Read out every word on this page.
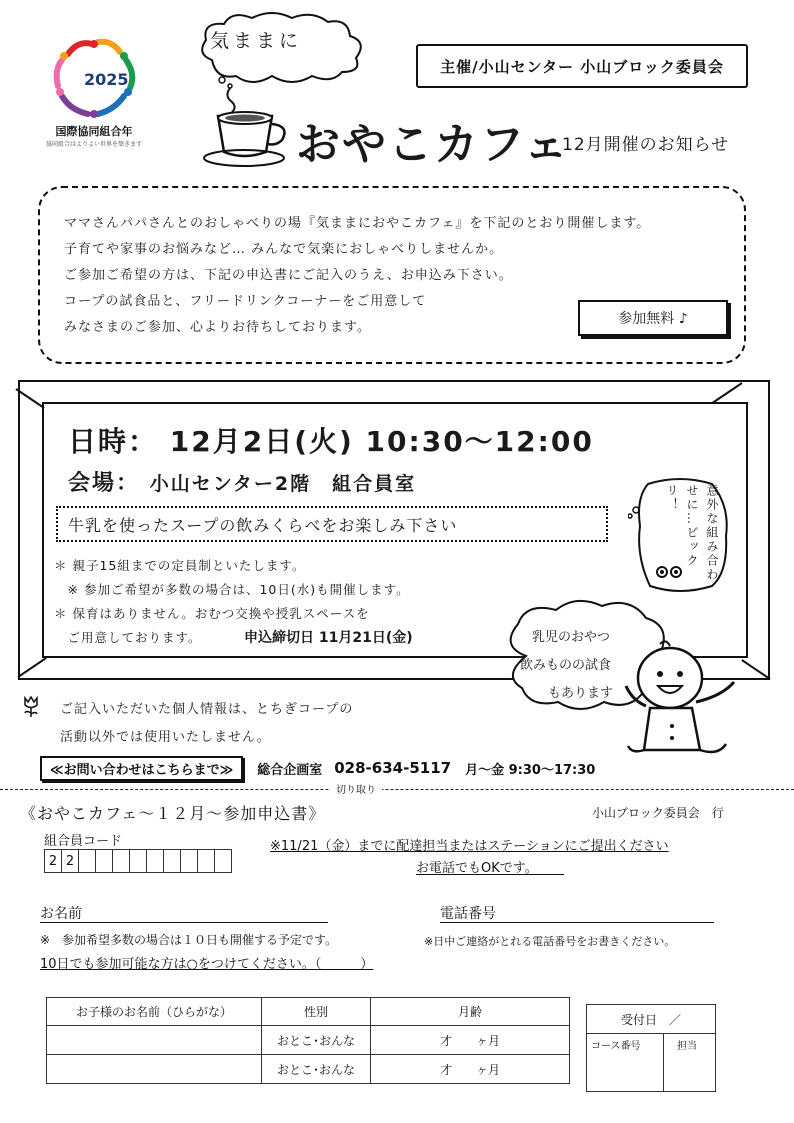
2025
国際協同組合年
協同組合はよりよい世界を築きます
気ままに
主催/小山センター 小山ブロック委員会
おやこカフェ
12月開催のお知らせ
ママさんパパさんとのおしゃべりの場『気ままにおやこカフェ』を下記のとおり開催します。
子育てや家事のお悩みなど… みんなで気楽におしゃべりしませんか。
ご参加ご希望の方は、下記の申込書にご記入のうえ、お申込み下さい。
コープの試食品と、フリードリンクコーナーをご用意して
みなさまのご参加、心よりお待ちしております。
参加無料 ♪
日時： 12月2日(火) 10:30～12:00
会場： 小山センター2階　組合員室
牛乳を使ったスープの飲みくらべをお楽しみ下さい
＊ 親子15組までの定員制といたします。
　※ 参加ご希望が多数の場合は、10日(水)も開催します。
＊ 保育はありません。おむつ交換や授乳スペースを
　ご用意しております。	申込締切日 11月21日(金)
意外な組み合わせに…ビックリ！
乳児のおやつ
飲みものの試食
もあります
ご記入いただいた個人情報は、とちぎコープの
活動以外では使用いたしません。
≪お問い合わせはこちらまで≫	総合企画室 028-634-5117 月～金 9:30～17:30
切り取り
《おやこカフェ～１２月～参加申込書》	小山ブロック委員会　行
組合員コード
2 2
※11/21（金）までに配達担当またはステーションにご提出ください
お電話でもOKです。
お名前	電話番号
※　参加希望多数の場合は１０日も開催する予定です。	※日中ご連絡がとれる電話番号をお書きください。
10日でも参加可能な方は○をつけてください。（　　　）
お子様のお名前（ひらがな）	性別	月齢
	おとこ･おんな	才　　ヶ月
	おとこ･おんな	才　　ヶ月
受付日　／
コース番号	担当
